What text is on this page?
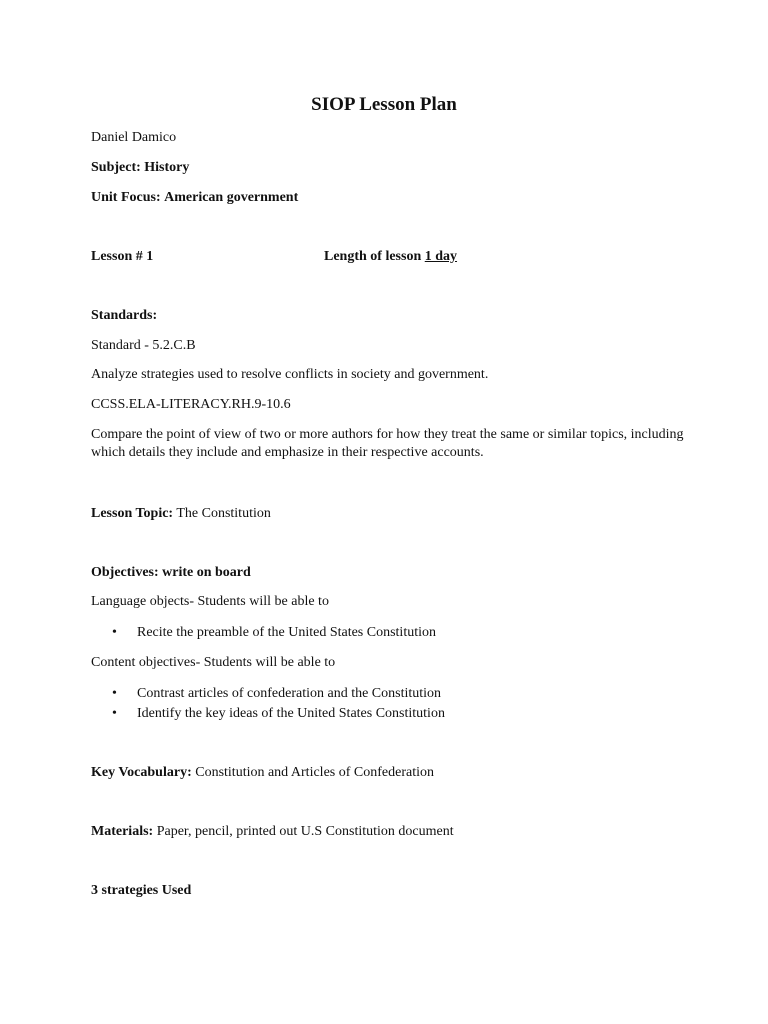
SIOP Lesson Plan
Daniel Damico
Subject: History
Unit Focus: American government
Lesson # 1	Length of lesson 1 day
Standards:
Standard - 5.2.C.B
Analyze strategies used to resolve conflicts in society and government.
CCSS.ELA-LITERACY.RH.9-10.6
Compare the point of view of two or more authors for how they treat the same or similar topics, including which details they include and emphasize in their respective accounts.
Lesson Topic: The Constitution
Objectives: write on board
Language objects- Students will be able to
• Recite the preamble of the United States Constitution
Content objectives- Students will be able to
• Contrast articles of confederation and the Constitution
• Identify the key ideas of the United States Constitution
Key Vocabulary: Constitution and Articles of Confederation
Materials: Paper, pencil, printed out U.S Constitution document
3 strategies Used
